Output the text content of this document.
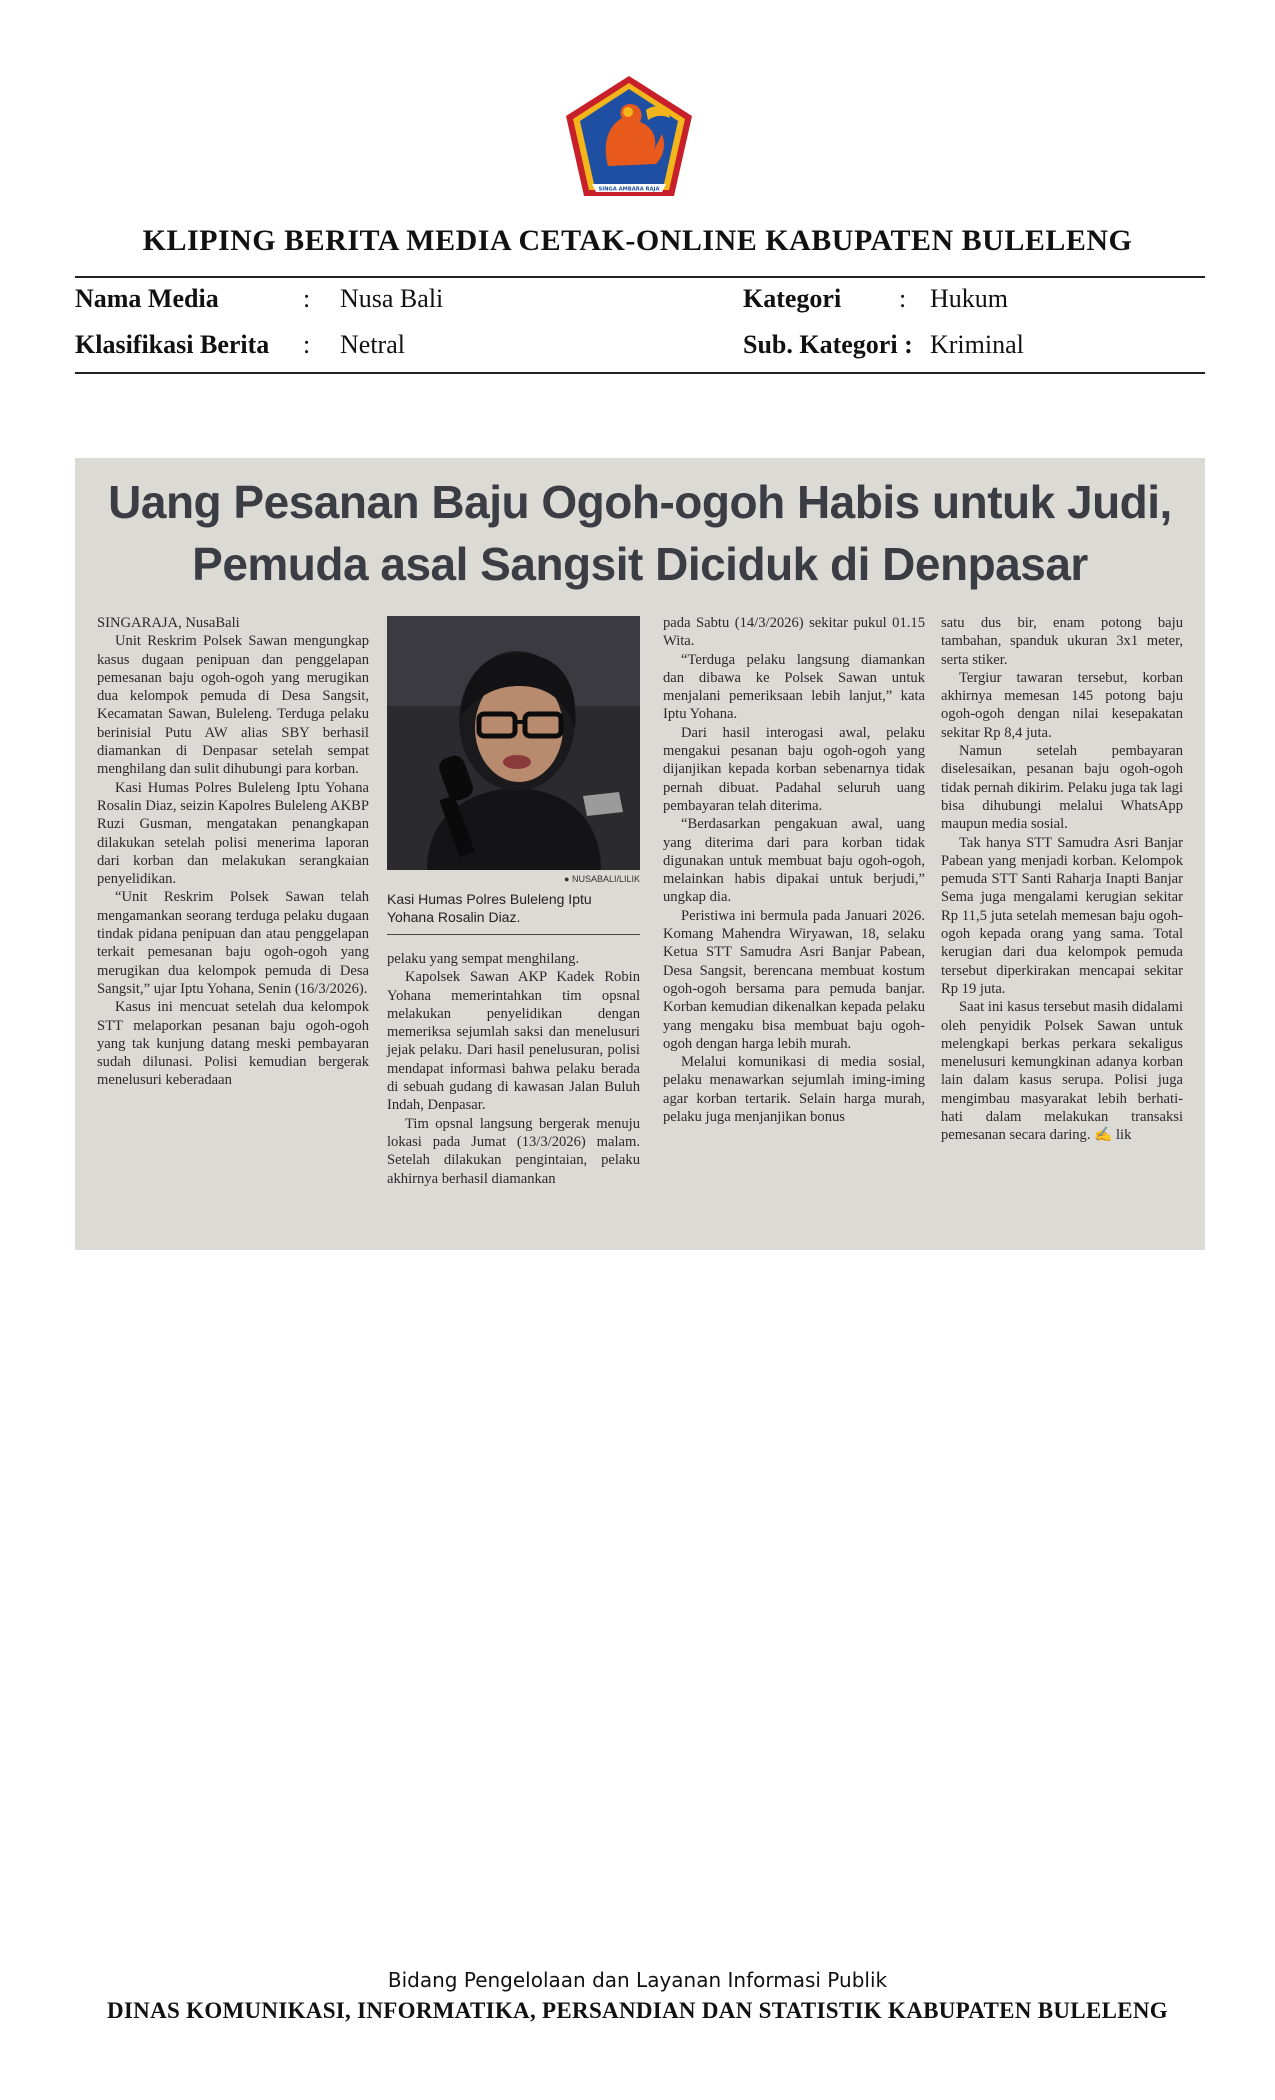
SINGA AMBARA RAJA
KLIPING BERITA MEDIA CETAK-ONLINE KABUPATEN BULELENG
Nama Media	: Nusa Bali	Kategori : Hukum
Klasifikasi Berita : Netral	Sub. Kategori : Kriminal
Uang Pesanan Baju Ogoh-ogoh Habis untuk Judi,
Pemuda asal Sangsit Diciduk di Denpasar

SINGARAJA, NusaBali

Unit Reskrim Polsek Sawan mengungkap kasus dugaan penipuan dan penggelapan pemesanan baju ogoh-ogoh yang merugikan dua kelompok pemuda di Desa Sangsit, Kecamatan Sawan, Buleleng. Terduga pelaku berinisial Putu AW alias SBY berhasil diamankan di Denpasar setelah sempat menghilang dan sulit dihubungi para korban.

Kasi Humas Polres Buleleng Iptu Yohana Rosalin Diaz, seizin Kapolres Buleleng AKBP Ruzi Gusman, mengatakan penangkapan dilakukan setelah polisi menerima laporan dari korban dan melakukan serangkaian penyelidikan.

“Unit Reskrim Polsek Sawan telah mengamankan seorang terduga pelaku dugaan tindak pidana penipuan dan atau penggelapan terkait pemesanan baju ogoh-ogoh yang merugikan dua kelompok pemuda di Desa Sangsit,” ujar Iptu Yohana, Senin (16/3/2026).

Kasus ini mencuat setelah dua kelompok STT melaporkan pesanan baju ogoh-ogoh yang tak kunjung datang meski pembayaran sudah dilunasi. Polisi kemudian bergerak menelusuri keberadaan

● NUSABALI/LILIK
Kasi Humas Polres Buleleng Iptu Yohana Rosalin Diaz.

pelaku yang sempat menghilang.

Kapolsek Sawan AKP Kadek Robin Yohana memerintahkan tim opsnal melakukan penyelidikan dengan memeriksa sejumlah saksi dan menelusuri jejak pelaku. Dari hasil penelusuran, polisi mendapat informasi bahwa pelaku berada di sebuah gudang di kawasan Jalan Buluh Indah, Denpasar.

Tim opsnal langsung bergerak menuju lokasi pada Jumat (13/3/2026) malam. Setelah dilakukan pengintaian, pelaku akhirnya berhasil diamankan

pada Sabtu (14/3/2026) sekitar pukul 01.15 Wita.

“Terduga pelaku langsung diamankan dan dibawa ke Polsek Sawan untuk menjalani pemeriksaan lebih lanjut,” kata Iptu Yohana.

Dari hasil interogasi awal, pelaku mengakui pesanan baju ogoh-ogoh yang dijanjikan kepada korban sebenarnya tidak pernah dibuat. Padahal seluruh uang pembayaran telah diterima.

“Berdasarkan pengakuan awal, uang yang diterima dari para korban tidak digunakan untuk membuat baju ogoh-ogoh, melainkan habis dipakai untuk berjudi,” ungkap dia.

Peristiwa ini bermula pada Januari 2026. Komang Mahendra Wiryawan, 18, selaku Ketua STT Samudra Asri Banjar Pabean, Desa Sangsit, berencana membuat kostum ogoh-ogoh bersama para pemuda banjar. Korban kemudian dikenalkan kepada pelaku yang mengaku bisa membuat baju ogoh-ogoh dengan harga lebih murah.

Melalui komunikasi di media sosial, pelaku menawarkan sejumlah iming-iming agar korban tertarik. Selain harga murah, pelaku juga menjanjikan bonus

satu dus bir, enam potong baju tambahan, spanduk ukuran 3x1 meter, serta stiker.

Tergiur tawaran tersebut, korban akhirnya memesan 145 potong baju ogoh-ogoh dengan nilai kesepakatan sekitar Rp 8,4 juta.

Namun setelah pembayaran diselesaikan, pesanan baju ogoh-ogoh tidak pernah dikirim. Pelaku juga tak lagi bisa dihubungi melalui WhatsApp maupun media sosial.

Tak hanya STT Samudra Asri Banjar Pabean yang menjadi korban. Kelompok pemuda STT Santi Raharja Inapti Banjar Sema juga mengalami kerugian sekitar Rp 11,5 juta setelah memesan baju ogoh-ogoh kepada orang yang sama. Total kerugian dari dua kelompok pemuda tersebut diperkirakan mencapai sekitar Rp 19 juta.

Saat ini kasus tersebut masih didalami oleh penyidik Polsek Sawan untuk melengkapi berkas perkara sekaligus menelusuri kemungkinan adanya korban lain dalam kasus serupa. Polisi juga mengimbau masyarakat lebih berhati-hati dalam melakukan transaksi pemesanan secara daring. ✍ lik

Bidang Pengelolaan dan Layanan Informasi Publik
DINAS KOMUNIKASI, INFORMATIKA, PERSANDIAN DAN STATISTIK KABUPATEN BULELENG
